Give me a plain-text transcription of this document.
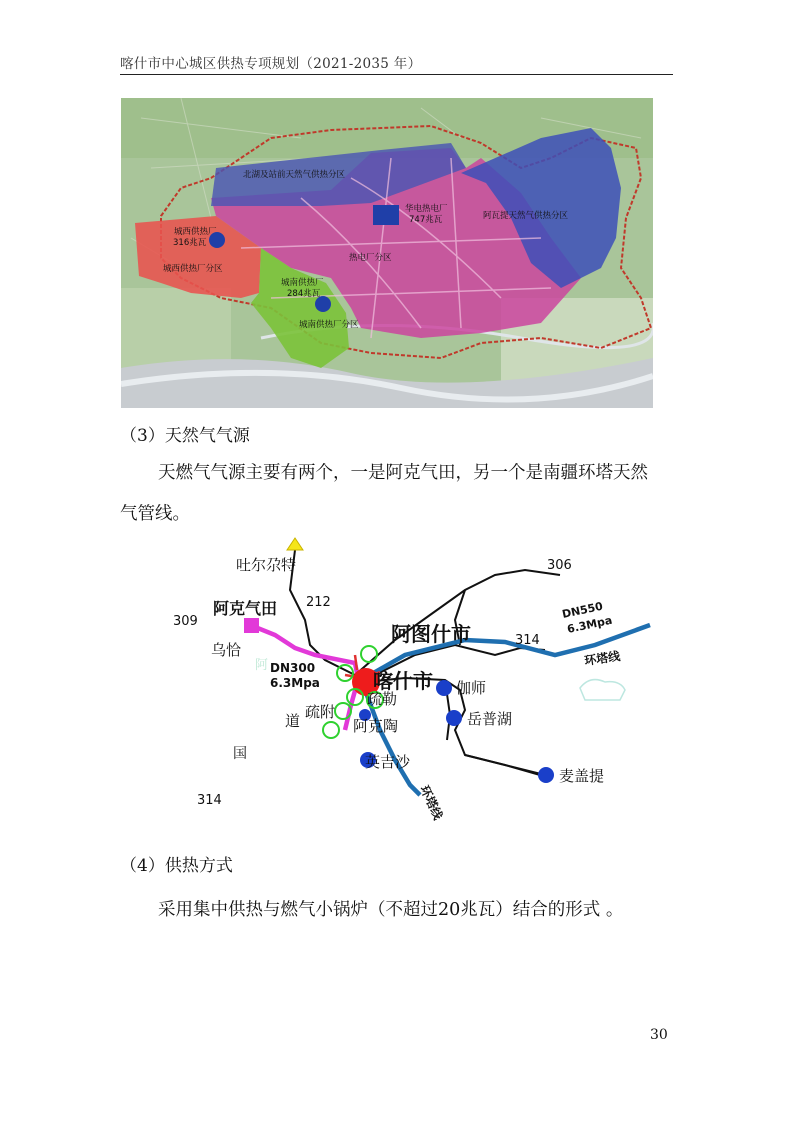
喀什市中心城区供热专项规划（2021-2035 年）
北湖及站前天然气供热分区
华电热电厂
747兆瓦	阿瓦提天然气供热分区
城西供热厂
316兆瓦
城西供热厂分区
热电厂分区
城南供热厂
284兆瓦
城南供热厂分区
（3）天然气气源
天燃气气源主要有两个，一是阿克气田，另一个是南疆环塔天然
气管线。
吐尔尕特
212
306
309
阿克气田	DN550
6.3Mpa
阿图什市	314
环塔线
乌恰
阿 DN300
6.3Mpa	喀什市 伽师
疏勒
岳普湖
道 疏附
阿克陶
国	英吉沙
环塔线
麦盖提
314
（4）供热方式
采用集中供热与燃气小锅炉（不超过20兆瓦）结合的形式 。
30
